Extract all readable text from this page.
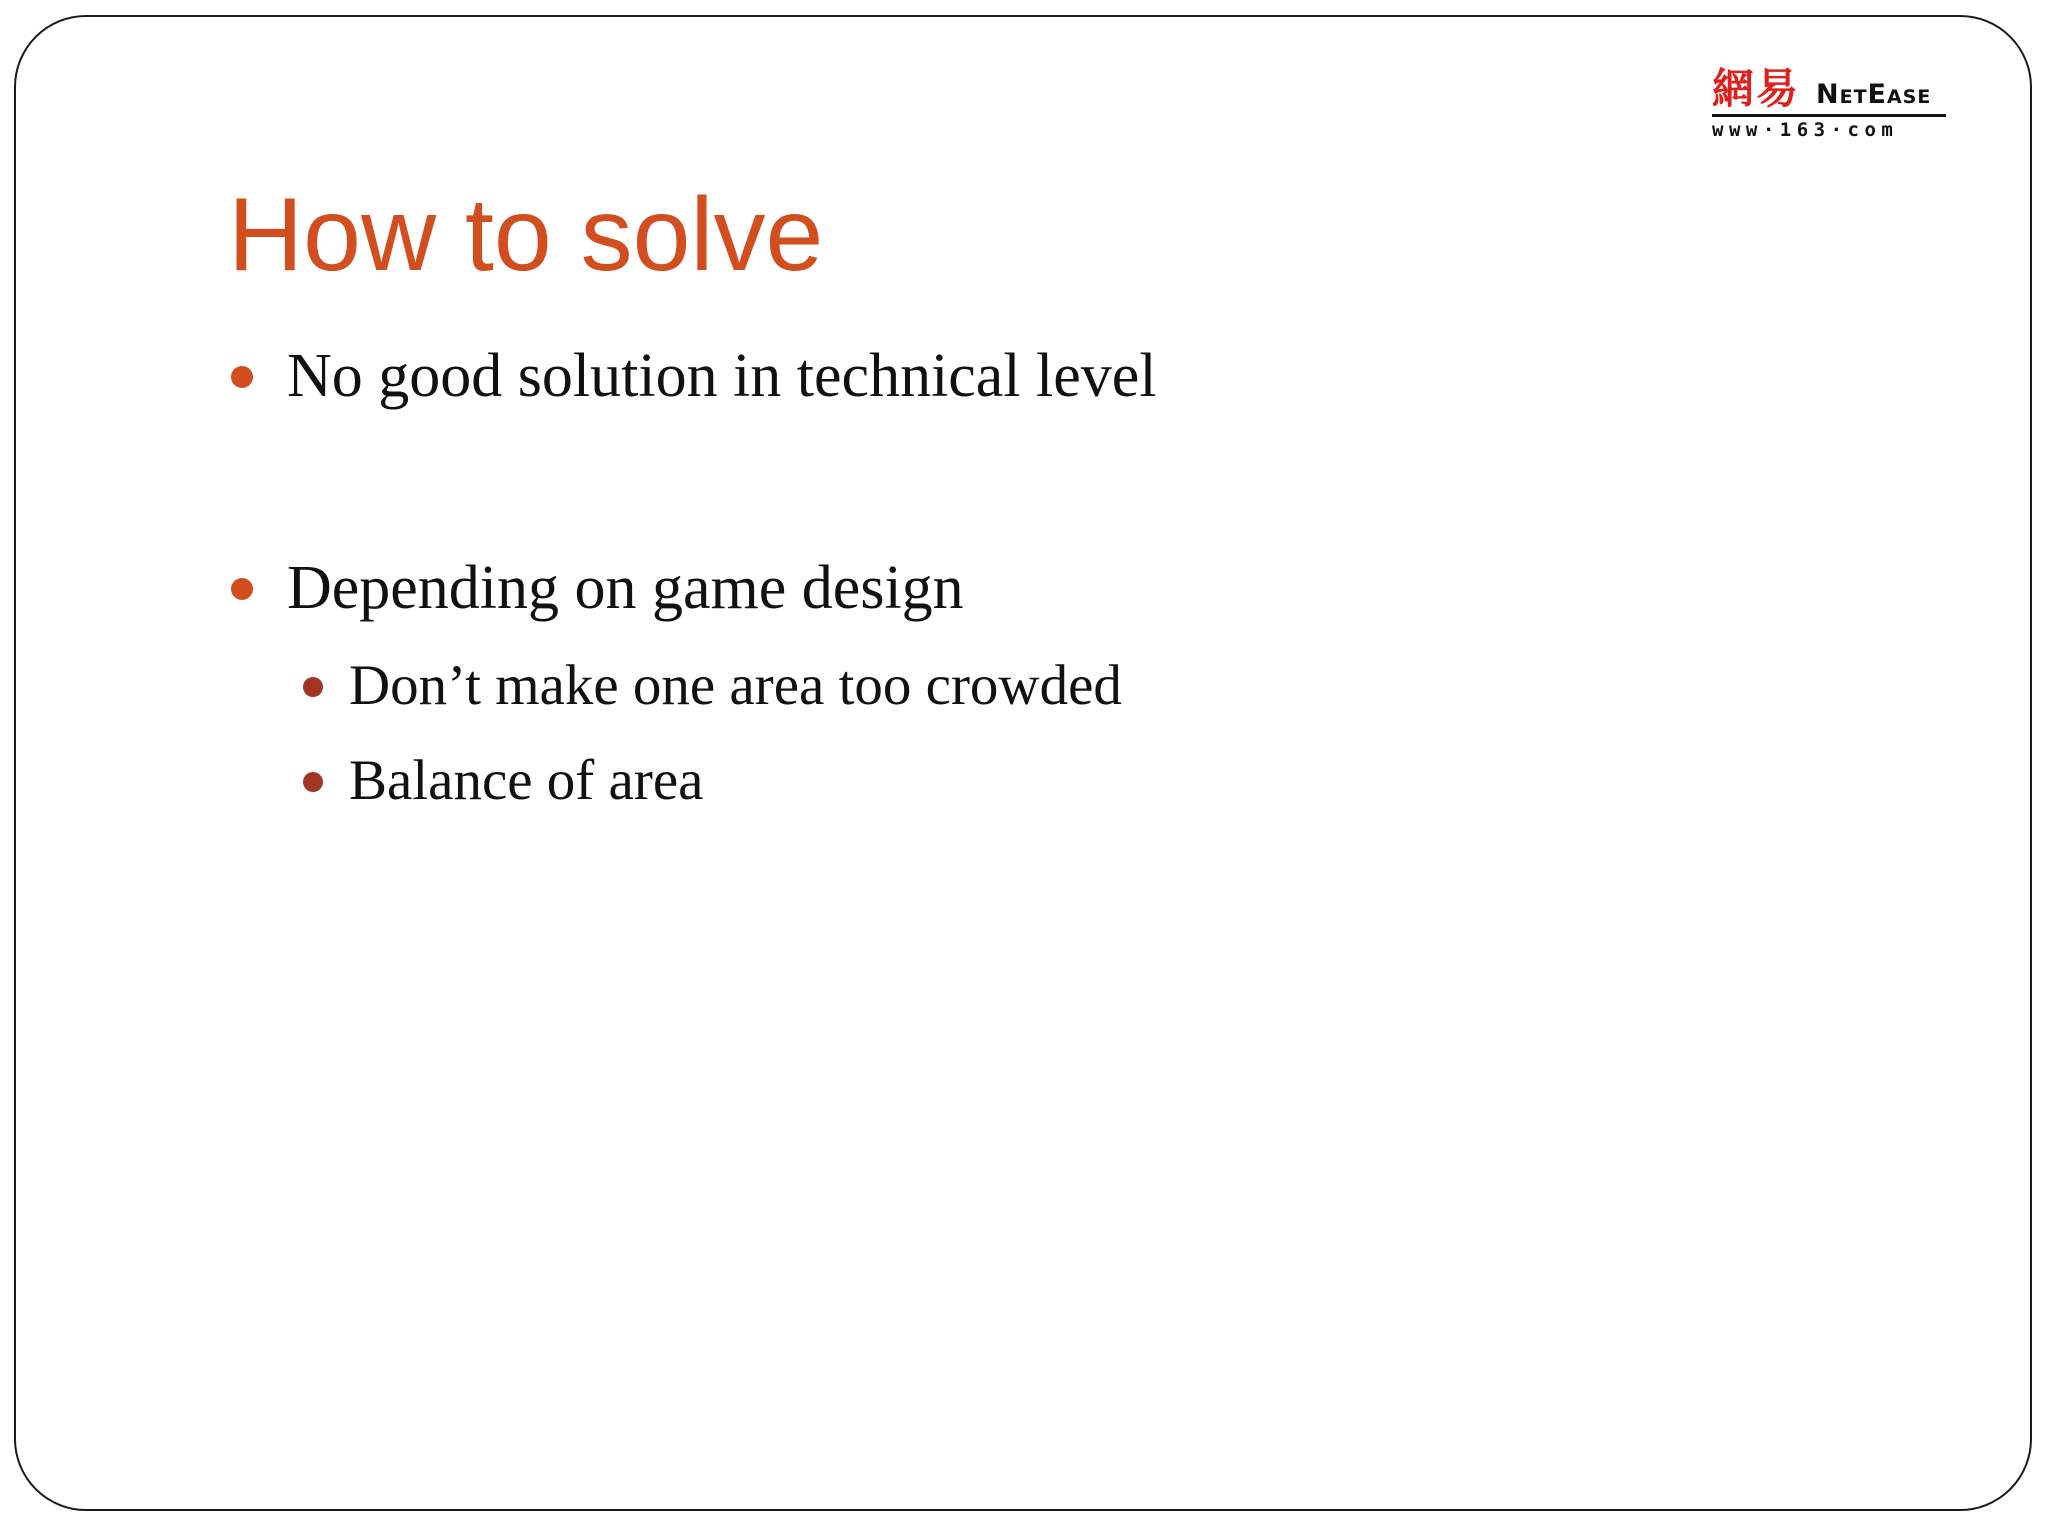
網易 NetEase
www·163·com
How to solve
No good solution in technical level
Depending on game design
Don’t make one area too crowded
Balance of area
